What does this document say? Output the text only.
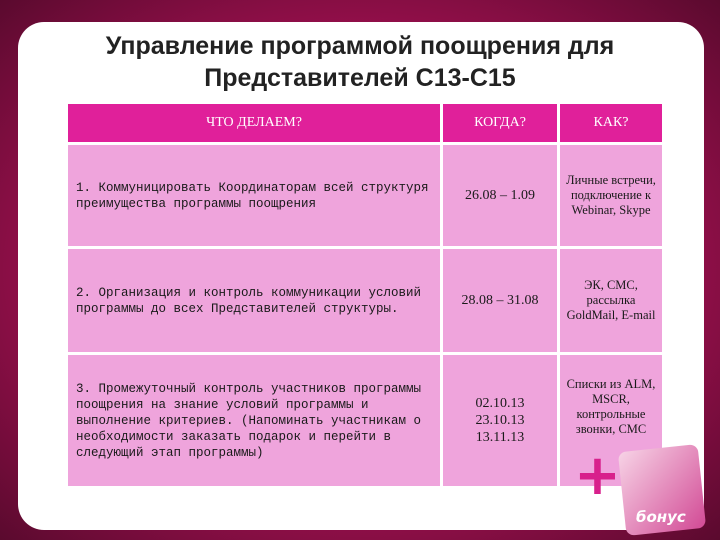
Управление программой поощрения для
Представителей С13-С15
ЧТО ДЕЛАЕМ?	КОГДА?	КАК?
1. Коммуницировать Координаторам всей структуря преимущества программы поощрения
26.08 – 1.09
Личные встречи, подключение к Webinar, Skype
2. Организация и контроль коммуникации условий программы до всех Представителей структуры.
28.08 – 31.08
ЭК, СМС, рассылка GoldMail, E-mail
3. Промежуточный контроль участников программы поощрения на знание условий программы и выполнение критериев. (Напоминать участникам о необходимости заказать подарок и перейти в следующий этап программы)
02.10.13
23.10.13
13.11.13
Списки из ALM, MSCR, контрольные звонки, СМС
бонус
+
